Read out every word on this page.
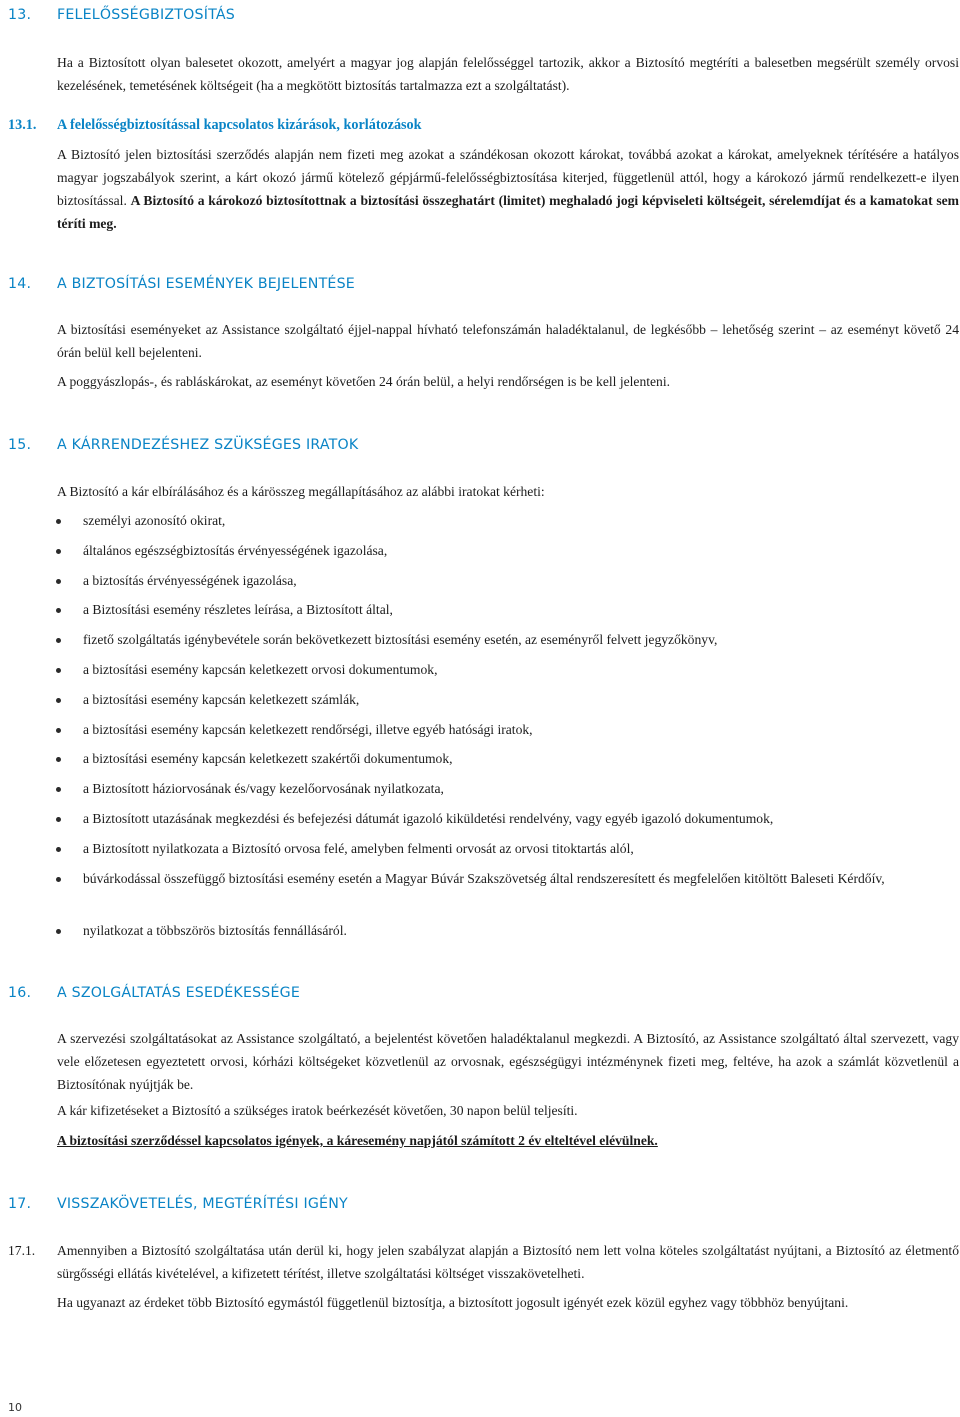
13. FELELŐSSÉGBIZTOSÍTÁS

Ha a Biztosított olyan balesetet okozott, amelyért a magyar jog alapján felelősséggel tartozik, akkor a Biztosító megtéríti a balesetben megsérült személy orvosi kezelésének, temetésének költségeit (ha a megkötött biztosítás tartalmazza ezt a szolgáltatást).

13.1. A felelősségbiztosítással kapcsolatos kizárások, korlátozások

A Biztosító jelen biztosítási szerződés alapján nem fizeti meg azokat a szándékosan okozott károkat, továbbá azokat a károkat, amelyeknek térítésére a hatályos magyar jogszabályok szerint, a kárt okozó jármű kötelező gépjármű-felelősségbiztosítása kiterjed, függetlenül attól, hogy a károkozó jármű rendelkezett-e ilyen biztosítással. A Biztosító a károkozó biztosítottnak a biztosítási összeghatárt (limitet) meghaladó jogi képviseleti költségeit, sérelemdíjat és a kamatokat sem téríti meg.

14. A BIZTOSÍTÁSI ESEMÉNYEK BEJELENTÉSE

A biztosítási eseményeket az Assistance szolgáltató éjjel-nappal hívható telefonszámán haladéktalanul, de legkésőbb – lehetőség szerint – az eseményt követő 24 órán belül kell bejelenteni.

A poggyászlopás-, és rabláskárokat, az eseményt követően 24 órán belül, a helyi rendőrségen is be kell jelenteni.

15. A KÁRRENDEZÉSHEZ SZÜKSÉGES IRATOK

A Biztosító a kár elbírálásához és a kárösszeg megállapításához az alábbi iratokat kérheti:

személyi azonosító okirat,
általános egészségbiztosítás érvényességének igazolása,
a biztosítás érvényességének igazolása,
a Biztosítási esemény részletes leírása, a Biztosított által,
fizető szolgáltatás igénybevétele során bekövetkezett biztosítási esemény esetén, az eseményről felvett jegyzőkönyv,
a biztosítási esemény kapcsán keletkezett orvosi dokumentumok,
a biztosítási esemény kapcsán keletkezett számlák,
a biztosítási esemény kapcsán keletkezett rendőrségi, illetve egyéb hatósági iratok,
a biztosítási esemény kapcsán keletkezett szakértői dokumentumok,
a Biztosított háziorvosának és/vagy kezelőorvosának nyilatkozata,
a Biztosított utazásának megkezdési és befejezési dátumát igazoló kiküldetési rendelvény, vagy egyéb igazoló dokumentumok,
a Biztosított nyilatkozata a Biztosító orvosa felé, amelyben felmenti orvosát az orvosi titoktartás alól,
búvárkodással összefüggő biztosítási esemény esetén a Magyar Búvár Szakszövetség által rendszeresített és megfelelően kitöltött Baleseti Kérdőív,
nyilatkozat a többszörös biztosítás fennállásáról.
16. A SZOLGÁLTATÁS ESEDÉKESSÉGE

A szervezési szolgáltatásokat az Assistance szolgáltató, a bejelentést követően haladéktalanul megkezdi. A Biztosító, az Assistance szolgáltató által szervezett, vagy vele előzetesen egyeztetett orvosi, kórházi költségeket közvetlenül az orvosnak, egészségügyi intézménynek fizeti meg, feltéve, ha azok a számlát közvetlenül a Biztosítónak nyújtják be.

A kár kifizetéseket a Biztosító a szükséges iratok beérkezését követően, 30 napon belül teljesíti.

A biztosítási szerződéssel kapcsolatos igények, a káresemény napjától számított 2 év elteltével elévülnek.

17. VISSZAKÖVETELÉS, MEGTÉRÍTÉSI IGÉNY
17.1. Amennyiben a Biztosító szolgáltatása után derül ki, hogy jelen szabályzat alapján a Biztosító nem lett volna köteles szolgáltatást nyújtani, a Biztosító az életmentő sürgősségi ellátás kivételével, a kifizetett térítést, illetve szolgáltatási költséget visszakövetelheti.

Ha ugyanazt az érdeket több Biztosító egymástól függetlenül biztosítja, a biztosított jogosult igényét ezek közül egyhez vagy többhöz benyújtani.

10
